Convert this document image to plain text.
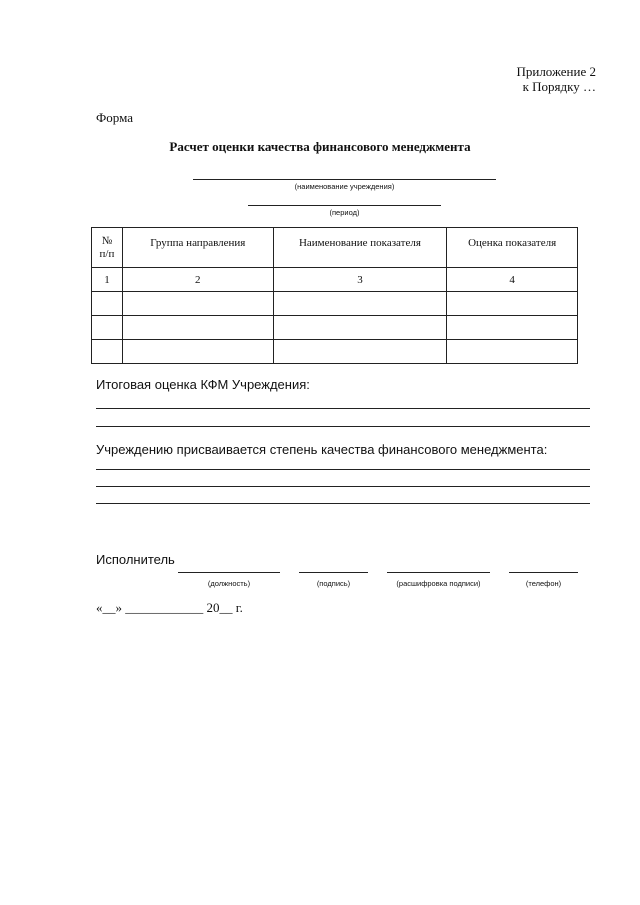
Приложение 2
к Порядку …
Форма
Расчет оценки качества финансового менеджмента
(наименование учреждения)
(период)
№ п/п	Группа направления	Наименование показателя	Оценка показателя
1	2	3	4

Итоговая оценка КФМ Учреждения:
Учреждению присваивается степень качества финансового менеджмента:
Исполнитель
(должность)	(подпись)	(расшифровка подписи)	(телефон)
«__» ____________ 20__ г.
